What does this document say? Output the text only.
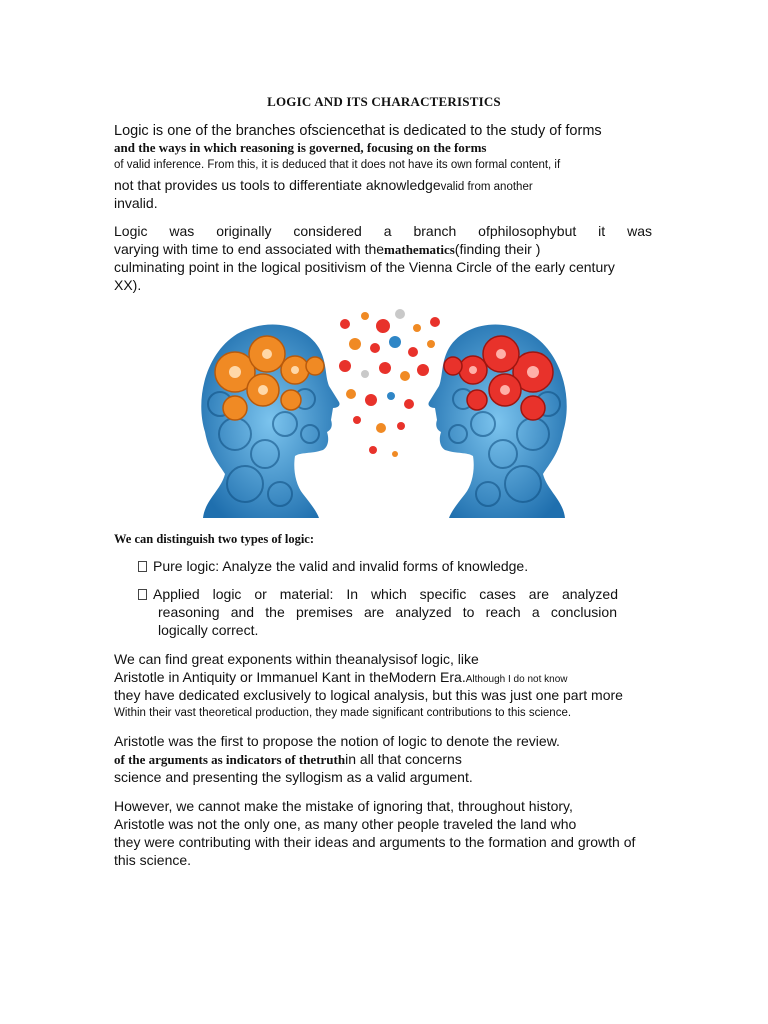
LOGIC AND ITS CHARACTERISTICS
Logic is one of the branches ofsciencethat is dedicated to the study of forms
and the ways in which reasoning is governed, focusing on the forms
of valid inference. From this, it is deduced that it does not have its own formal content, if
not that provides us tools to differentiate aknowledgevalid from another
invalid.
Logic was originally considered a branch ofphilosophybut it was
varying with time to end associated with themathematics(finding their )
culminating point in the logical positivism of the Vienna Circle of the early century
XX).
We can distinguish two types of logic:
Pure logic: Analyze the valid and invalid forms of knowledge.
Applied logic or material: In which specific cases are analyzed
reasoning and the premises are analyzed to reach a conclusion
logically correct.
We can find great exponents within theanalysisof logic, like
Aristotle in Antiquity or Immanuel Kant in theModern Era.Although I do not know
they have dedicated exclusively to logical analysis, but this was just one part more
Within their vast theoretical production, they made significant contributions to this science.
Aristotle was the first to propose the notion of logic to denote the review.
of the arguments as indicators of thetruthin all that concerns
science and presenting the syllogism as a valid argument.
However, we cannot make the mistake of ignoring that, throughout history,
Aristotle was not the only one, as many other people traveled the land who
they were contributing with their ideas and arguments to the formation and growth of
this science.
